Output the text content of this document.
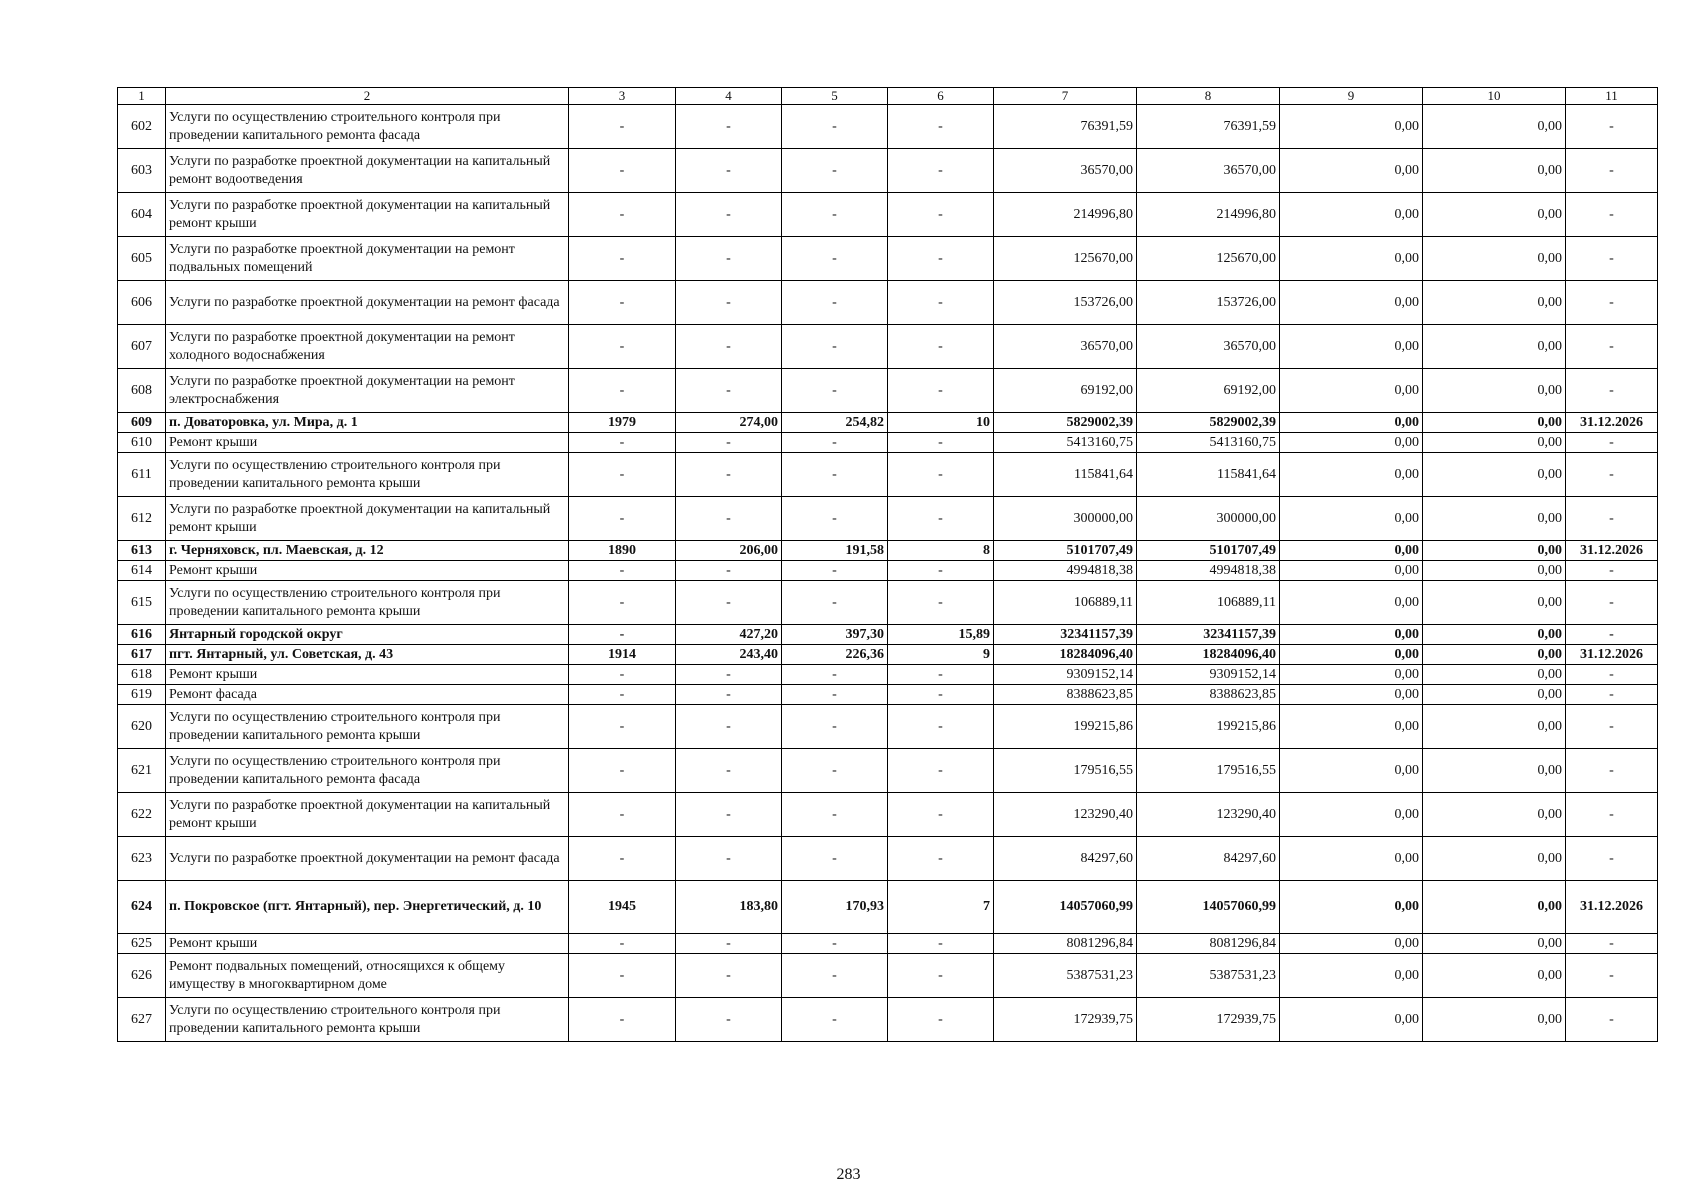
1	2	3	4	5	6	7	8	9	10	11
602	Услуги по осуществлению строительного контроля при проведении капитального ремонта фасада	-	-	-	-	76391,59	76391,59	0,00	0,00	-
603	Услуги по разработке проектной документации на капитальный ремонт водоотведения	-	-	-	-	36570,00	36570,00	0,00	0,00	-
604	Услуги по разработке проектной документации на капитальный ремонт крыши	-	-	-	-	214996,80	214996,80	0,00	0,00	-
605	Услуги по разработке проектной документации на ремонт подвальных помещений	-	-	-	-	125670,00	125670,00	0,00	0,00	-
606	Услуги по разработке проектной документации на ремонт фасада	-	-	-	-	153726,00	153726,00	0,00	0,00	-
607	Услуги по разработке проектной документации на ремонт холодного водоснабжения	-	-	-	-	36570,00	36570,00	0,00	0,00	-
608	Услуги по разработке проектной документации на ремонт электроснабжения	-	-	-	-	69192,00	69192,00	0,00	0,00	-
609	п. Доваторовка, ул. Мира, д. 1	1979	274,00	254,82	10	5829002,39	5829002,39	0,00	0,00	31.12.2026
610	Ремонт крыши	-	-	-	-	5413160,75	5413160,75	0,00	0,00	-
611	Услуги по осуществлению строительного контроля при проведении капитального ремонта крыши	-	-	-	-	115841,64	115841,64	0,00	0,00	-
612	Услуги по разработке проектной документации на капитальный ремонт крыши	-	-	-	-	300000,00	300000,00	0,00	0,00	-
613	г. Черняховск, пл. Маевская, д. 12	1890	206,00	191,58	8	5101707,49	5101707,49	0,00	0,00	31.12.2026
614	Ремонт крыши	-	-	-	-	4994818,38	4994818,38	0,00	0,00	-
615	Услуги по осуществлению строительного контроля при проведении капитального ремонта крыши	-	-	-	-	106889,11	106889,11	0,00	0,00	-
616	Янтарный городской округ	-	427,20	397,30	15,89	32341157,39	32341157,39	0,00	0,00	-
617	пгт. Янтарный, ул. Советская, д. 43	1914	243,40	226,36	9	18284096,40	18284096,40	0,00	0,00	31.12.2026
618	Ремонт крыши	-	-	-	-	9309152,14	9309152,14	0,00	0,00	-
619	Ремонт фасада	-	-	-	-	8388623,85	8388623,85	0,00	0,00	-
620	Услуги по осуществлению строительного контроля при проведении капитального ремонта крыши	-	-	-	-	199215,86	199215,86	0,00	0,00	-
621	Услуги по осуществлению строительного контроля при проведении капитального ремонта фасада	-	-	-	-	179516,55	179516,55	0,00	0,00	-
622	Услуги по разработке проектной документации на капитальный ремонт крыши	-	-	-	-	123290,40	123290,40	0,00	0,00	-
623	Услуги по разработке проектной документации на ремонт фасада	-	-	-	-	84297,60	84297,60	0,00	0,00	-
624	п. Покровское (пгт. Янтарный), пер. Энергетический, д. 10	1945	183,80	170,93	7	14057060,99	14057060,99	0,00	0,00	31.12.2026
625	Ремонт крыши	-	-	-	-	8081296,84	8081296,84	0,00	0,00	-
626	Ремонт подвальных помещений, относящихся к общему имуществу в многоквартирном доме	-	-	-	-	5387531,23	5387531,23	0,00	0,00	-
627	Услуги по осуществлению строительного контроля при проведении капитального ремонта крыши	-	-	-	-	172939,75	172939,75	0,00	0,00	-
283
